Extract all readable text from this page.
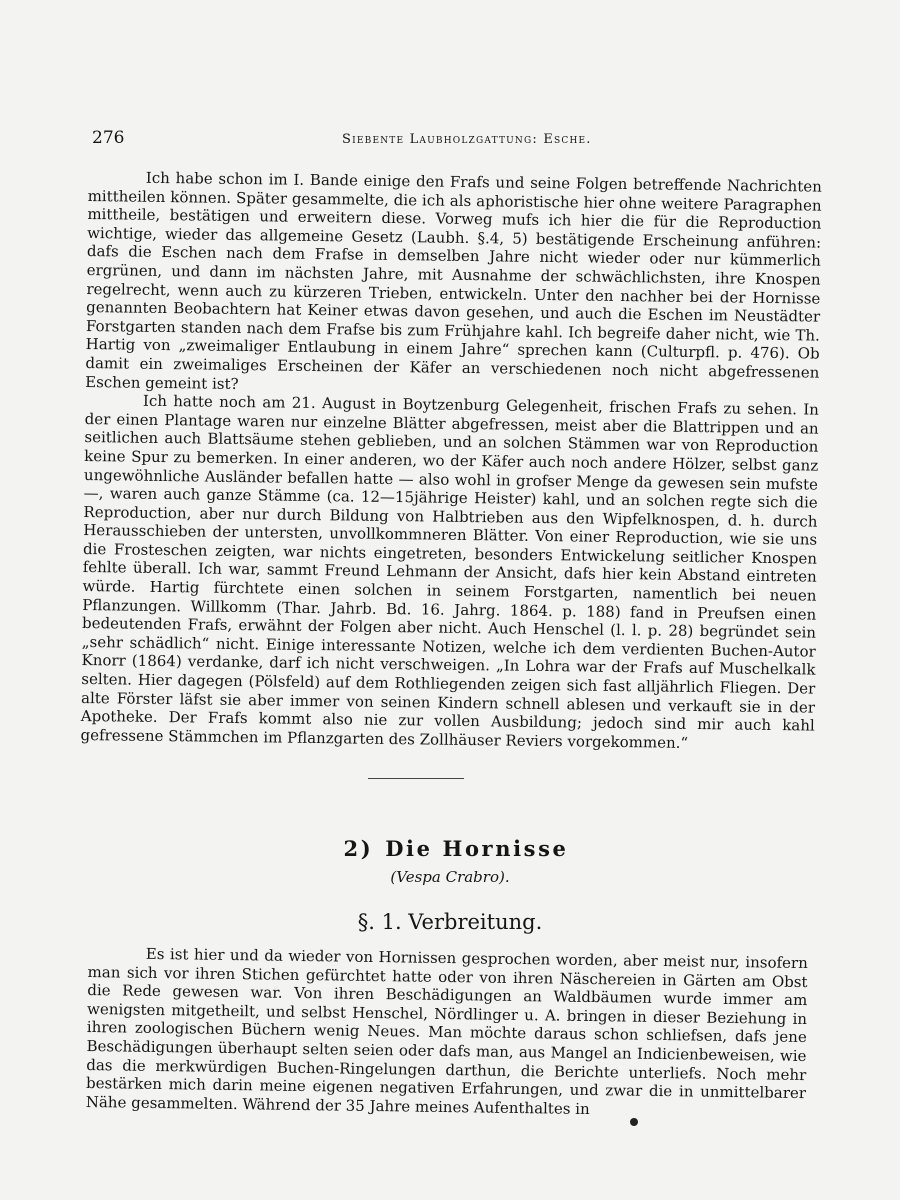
276	Siebente Laubholzgattung: Esche.

Ich habe schon im I. Bande einige den Frafs und seine Folgen betreffende Nachrichten mittheilen können. Später gesammelte, die ich als aphoristische hier ohne weitere Paragraphen mittheile, bestätigen und erweitern diese. Vorweg mufs ich hier die für die Reproduction wichtige, wieder das allgemeine Gesetz (Laubh. §.4, 5) bestätigende Erscheinung anführen: dafs die Eschen nach dem Frafse in demselben Jahre nicht wieder oder nur kümmerlich ergrünen, und dann im nächsten Jahre, mit Ausnahme der schwächlichsten, ihre Knospen regelrecht, wenn auch zu kürzeren Trieben, entwickeln. Unter den nachher bei der Hornisse genannten Beobachtern hat Keiner etwas davon gesehen, und auch die Eschen im Neustädter Forstgarten standen nach dem Frafse bis zum Frühjahre kahl. Ich begreife daher nicht, wie Th. Hartig von „zweimaliger Entlaubung in einem Jahre“ sprechen kann (Culturpfl. p. 476). Ob damit ein zweimaliges Erscheinen der Käfer an verschiedenen noch nicht abgefressenen Eschen gemeint ist?

Ich hatte noch am 21. August in Boytzenburg Gelegenheit, frischen Frafs zu sehen. In der einen Plantage waren nur einzelne Blätter abgefressen, meist aber die Blattrippen und an seitlichen auch Blattsäume stehen geblieben, und an solchen Stämmen war von Reproduction keine Spur zu bemerken. In einer anderen, wo der Käfer auch noch andere Hölzer, selbst ganz ungewöhnliche Ausländer befallen hatte — also wohl in grofser Menge da gewesen sein mufste —, waren auch ganze Stämme (ca. 12—15jährige Heister) kahl, und an solchen regte sich die Reproduction, aber nur durch Bildung von Halbtrieben aus den Wipfelknospen, d. h. durch Herausschieben der untersten, unvollkommneren Blätter. Von einer Reproduction, wie sie uns die Frosteschen zeigten, war nichts eingetreten, besonders Entwickelung seitlicher Knospen fehlte überall. Ich war, sammt Freund Lehmann der Ansicht, dafs hier kein Abstand eintreten würde. Hartig fürchtete einen solchen in seinem Forstgarten, namentlich bei neuen Pflanzungen. Willkomm (Thar. Jahrb. Bd. 16. Jahrg. 1864. p. 188) fand in Preufsen einen bedeutenden Frafs, erwähnt der Folgen aber nicht. Auch Henschel (l. l. p. 28) begründet sein „sehr schädlich“ nicht. Einige interessante Notizen, welche ich dem verdienten Buchen-Autor Knorr (1864) verdanke, darf ich nicht verschweigen. „In Lohra war der Frafs auf Muschelkalk selten. Hier dagegen (Pölsfeld) auf dem Rothliegenden zeigen sich fast alljährlich Fliegen. Der alte Förster läfst sie aber immer von seinen Kindern schnell ablesen und verkauft sie in der Apotheke. Der Frafs kommt also nie zur vollen Ausbildung; jedoch sind mir auch kahl gefressene Stämmchen im Pflanzgarten des Zollhäuser Reviers vorgekommen.“

2) Die Hornisse
(Vespa Crabro).
§. 1. Verbreitung.

Es ist hier und da wieder von Hornissen gesprochen worden, aber meist nur, insofern man sich vor ihren Stichen gefürchtet hatte oder von ihren Näschereien in Gärten am Obst die Rede gewesen war. Von ihren Beschädigungen an Waldbäumen wurde immer am wenigsten mitgetheilt, und selbst Henschel, Nördlinger u. A. bringen in dieser Beziehung in ihren zoologischen Büchern wenig Neues. Man möchte daraus schon schliefsen, dafs jene Beschädigungen überhaupt selten seien oder dafs man, aus Mangel an Indicienbeweisen, wie das die merkwürdigen Buchen-Ringelungen darthun, die Berichte unterliefs. Noch mehr bestärken mich darin meine eigenen negativen Erfahrungen, und zwar die in unmittelbarer Nähe gesammelten. Während der 35 Jahre meines Aufenthaltes in
